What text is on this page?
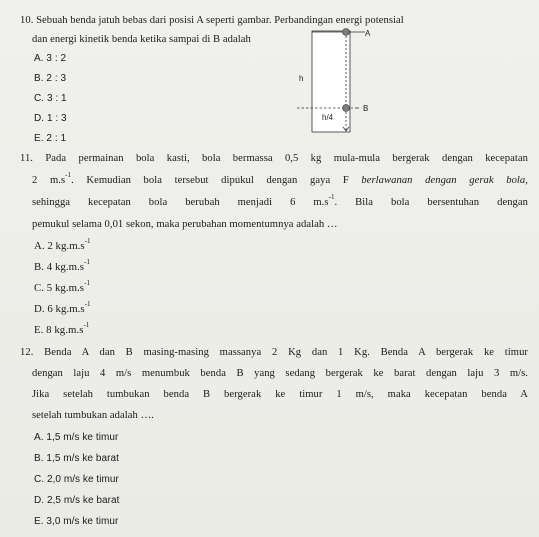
10. Sebuah benda jatuh bebas dari posisi A seperti gambar. Perbandingan energi potensial
dan energi kinetik benda ketika sampai di B adalah
A. 3 : 2
B. 2 : 3
C. 3 : 1
D. 1 : 3
E. 2 : 1
A
h
B
h/4
11. Pada permainan bola kasti, bola bermassa 0,5 kg mula-mula bergerak dengan kecepatan
2 $m.s^{-1}$. Kemudian bola tersebut dipukul dengan gaya F berlawanan dengan gerak bola,
sehingga kecepatan bola berubah menjadi 6 $m.s^{-1}$. Bila bola bersentuhan dengan
pemukul selama 0,01 sekon, maka perubahan momentumnya adalah …
A. 2 $kg.m.s^{-1}$
B. 4 $kg.m.s^{-1}$
C. 5 $kg.m.s^{-1}$
D. 6 $kg.m.s^{-1}$
E. 8 $kg.m.s^{-1}$
12. Benda A dan B masing-masing massanya 2 Kg dan 1 Kg. Benda A bergerak ke timur
dengan laju 4 m/s menumbuk benda B yang sedang bergerak ke barat dengan laju 3 m/s.
Jika setelah tumbukan benda B bergerak ke timur 1 m/s, maka kecepatan benda A
setelah tumbukan adalah ….
A. 1,5 m/s ke timur
B. 1,5 m/s ke barat
C. 2,0 m/s ke timur
D. 2,5 m/s ke barat
E. 3,0 m/s ke timur
